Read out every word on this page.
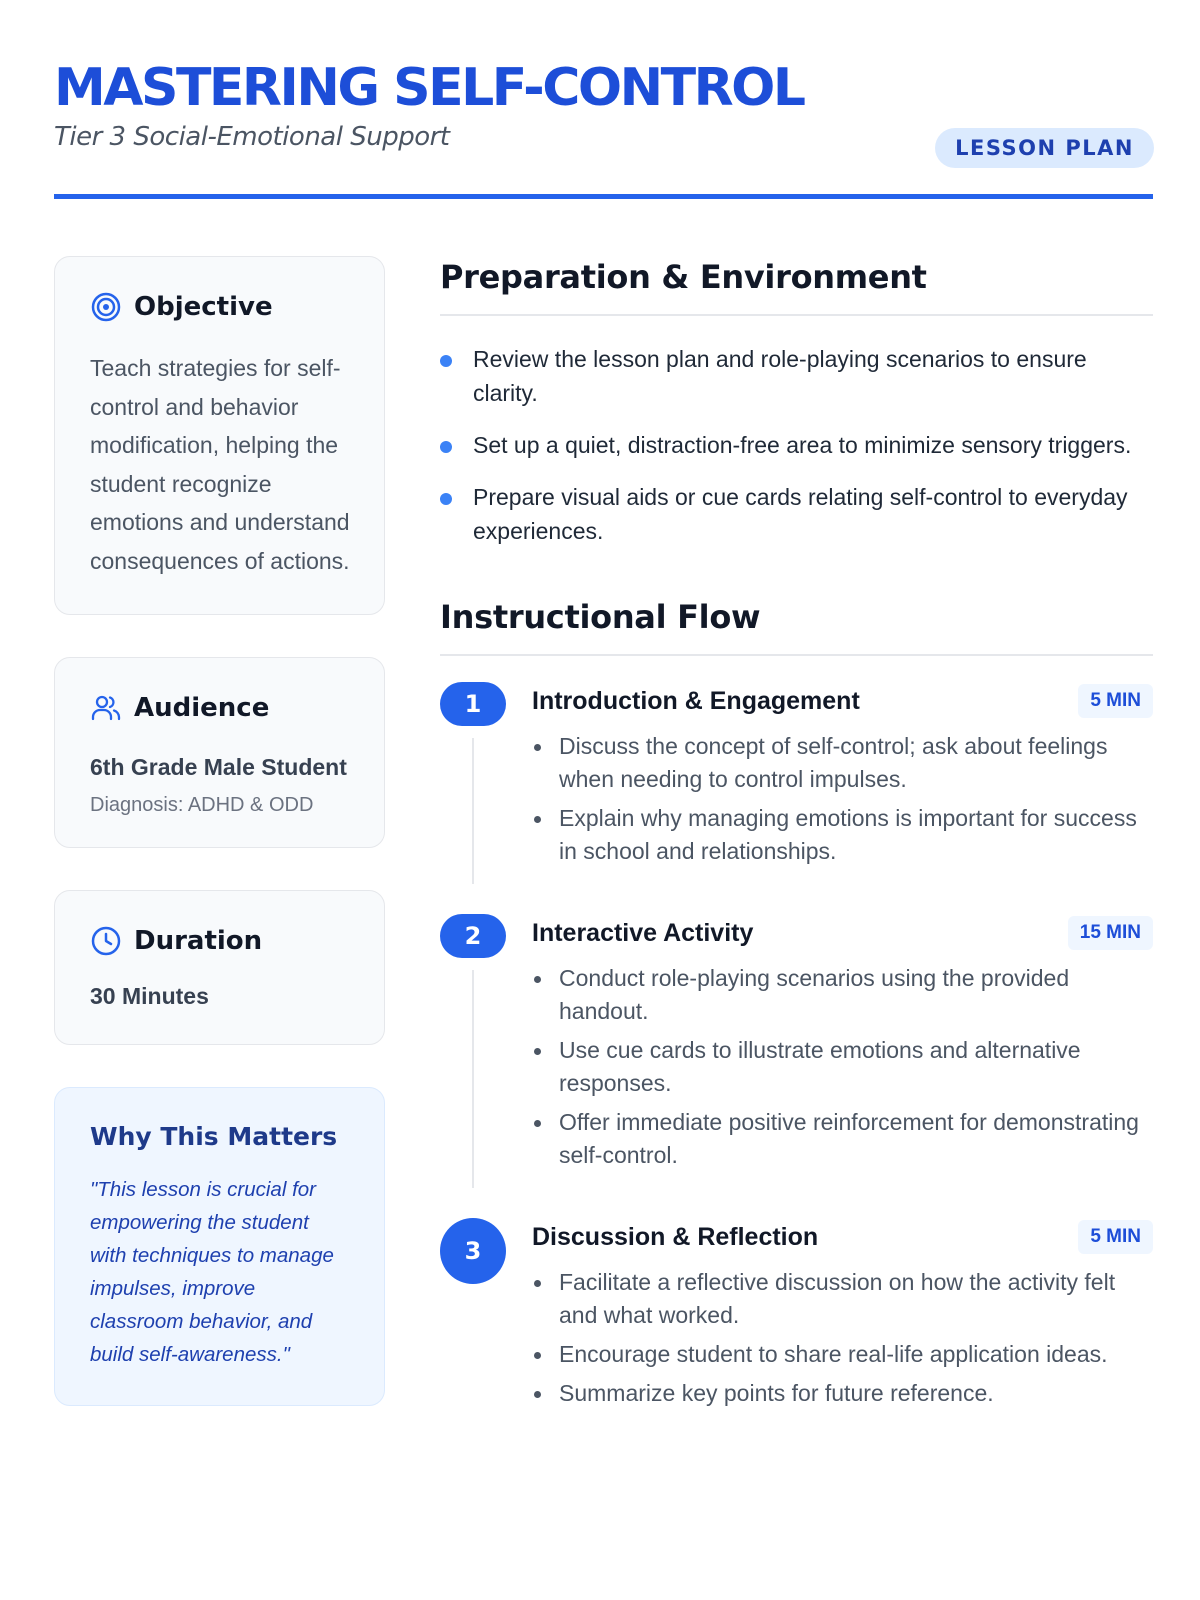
MASTERING SELF-CONTROL
Tier 3 Social-Emotional Support	LESSON PLAN
Objective
Teach strategies for self-control and behavior modification, helping the student recognize emotions and understand consequences of actions.
Audience
6th Grade Male Student
Diagnosis: ADHD & ODD
Duration
30 Minutes
Why This Matters
"This lesson is crucial for empowering the student with techniques to manage impulses, improve classroom behavior, and build self-awareness."
Preparation & Environment
Review the lesson plan and role-playing scenarios to ensure clarity.
Set up a quiet, distraction-free area to minimize sensory triggers.
Prepare visual aids or cue cards relating self-control to everyday experiences.
Instructional Flow
1	Introduction & Engagement	5 MIN
Discuss the concept of self-control; ask about feelings when needing to control impulses.
Explain why managing emotions is important for success in school and relationships.
2	Interactive Activity	15 MIN
Conduct role-playing scenarios using the provided handout.
Use cue cards to illustrate emotions and alternative responses.
Offer immediate positive reinforcement for demonstrating self-control.
3
Discussion & Reflection	5 MIN
Facilitate a reflective discussion on how the activity felt and what worked.
Encourage student to share real-life application ideas.
Summarize key points for future reference.
